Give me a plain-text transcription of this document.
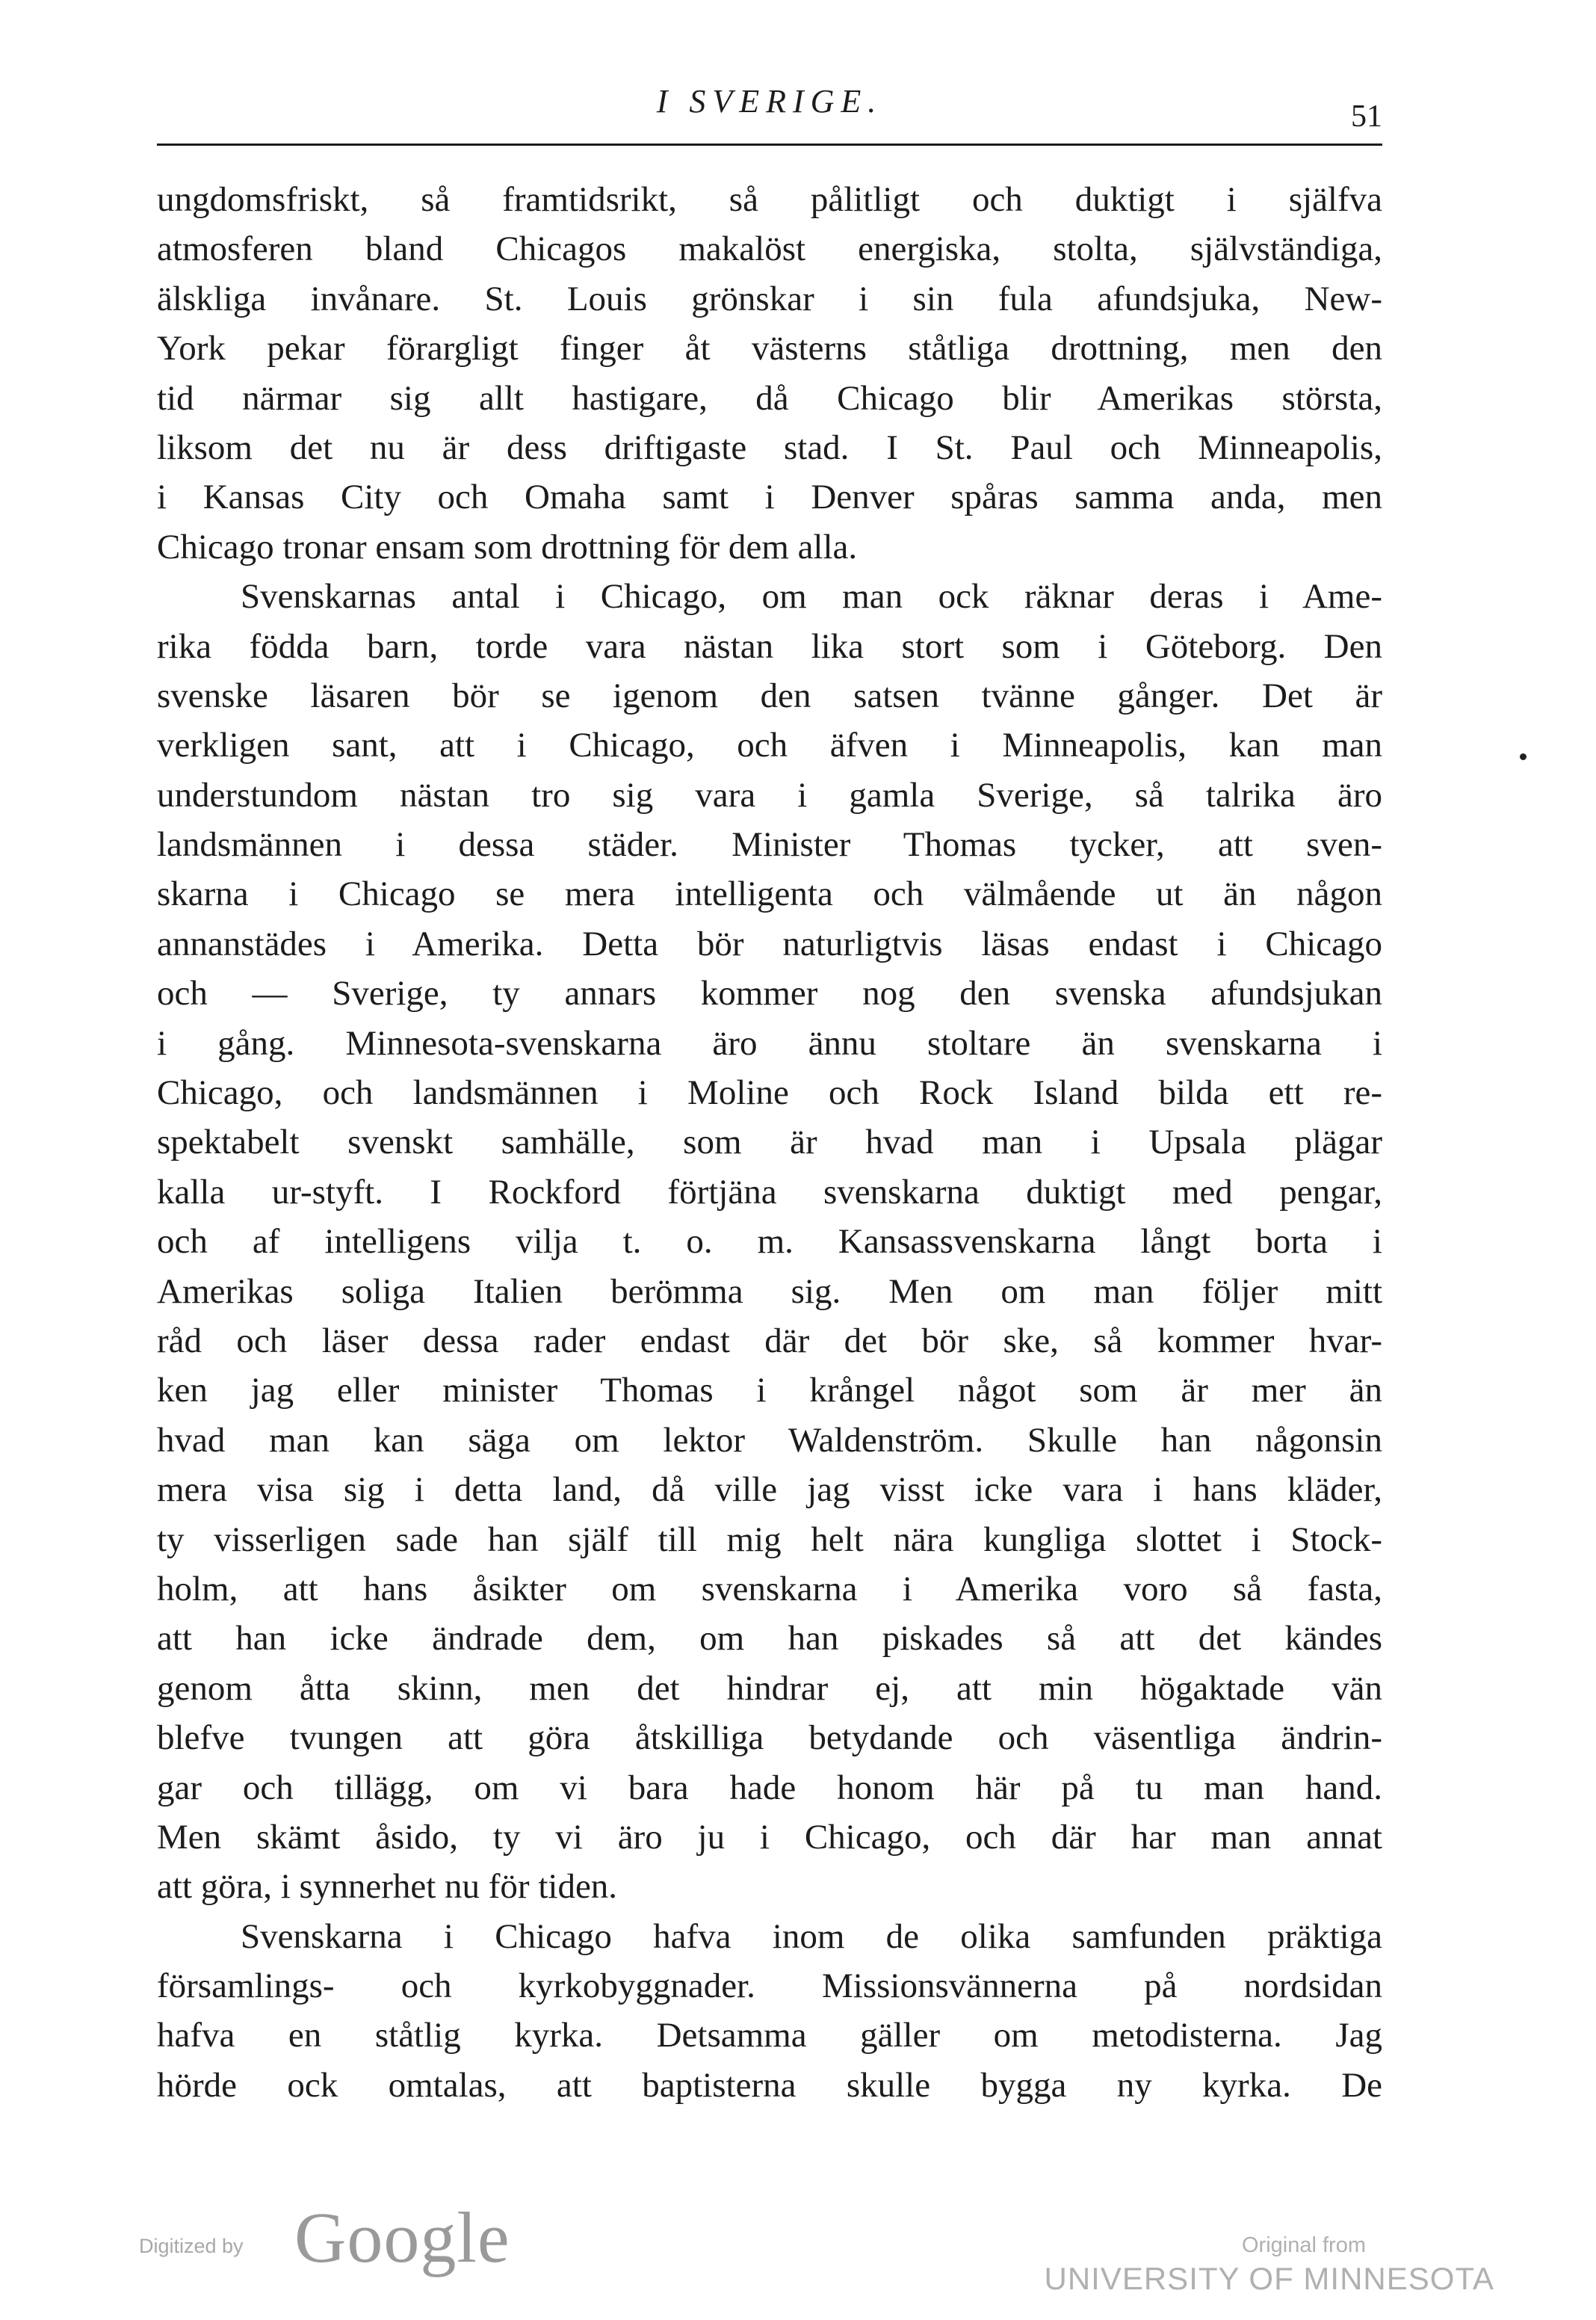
I SVERIGE.	51
ungdomsfriskt, så framtidsrikt, så pålitligt och duktigt i själfva
atmosferen bland Chicagos makalöst energiska, stolta, självständiga,
älskliga invånare. St. Louis grönskar i sin fula afundsjuka, New-
York pekar förargligt finger åt västerns ståtliga drottning, men den
tid närmar sig allt hastigare, då Chicago blir Amerikas största,
liksom det nu är dess driftigaste stad. I St. Paul och Minneapolis,
i Kansas City och Omaha samt i Denver spåras samma anda, men
Chicago tronar ensam som drottning för dem alla.
Svenskarnas antal i Chicago, om man ock räknar deras i Ame-
rika födda barn, torde vara nästan lika stort som i Göteborg. Den
svenske läsaren bör se igenom den satsen tvänne gånger. Det är
verkligen sant, att i Chicago, och äfven i Minneapolis, kan man
understundom nästan tro sig vara i gamla Sverige, så talrika äro
landsmännen i dessa städer. Minister Thomas tycker, att sven-
skarna i Chicago se mera intelligenta och välmående ut än någon
annanstädes i Amerika. Detta bör naturligtvis läsas endast i Chicago
och — Sverige, ty annars kommer nog den svenska afundsjukan
i gång. Minnesota-svenskarna äro ännu stoltare än svenskarna i
Chicago, och landsmännen i Moline och Rock Island bilda ett re-
spektabelt svenskt samhälle, som är hvad man i Upsala plägar
kalla ur-styft. I Rockford förtjäna svenskarna duktigt med pengar,
och af intelligens vilja t. o. m. Kansassvenskarna långt borta i
Amerikas soliga Italien berömma sig. Men om man följer mitt
råd och läser dessa rader endast där det bör ske, så kommer hvar-
ken jag eller minister Thomas i krångel något som är mer än
hvad man kan säga om lektor Waldenström. Skulle han någonsin
mera visa sig i detta land, då ville jag visst icke vara i hans kläder,
ty visserligen sade han själf till mig helt nära kungliga slottet i Stock-
holm, att hans åsikter om svenskarna i Amerika voro så fasta,
att han icke ändrade dem, om han piskades så att det kändes
genom åtta skinn, men det hindrar ej, att min högaktade vän
blefve tvungen att göra åtskilliga betydande och väsentliga ändrin-
gar och tillägg, om vi bara hade honom här på tu man hand.
Men skämt åsido, ty vi äro ju i Chicago, och där har man annat
att göra, i synnerhet nu för tiden.
Svenskarna i Chicago hafva inom de olika samfunden präktiga
församlings- och kyrkobyggnader. Missionsvännerna på nordsidan
hafva en ståtlig kyrka. Detsamma gäller om metodisterna. Jag
hörde ock omtalas, att baptisterna skulle bygga ny kyrka. De
Digitized by Google	Original from
UNIVERSITY OF MINNESOTA
